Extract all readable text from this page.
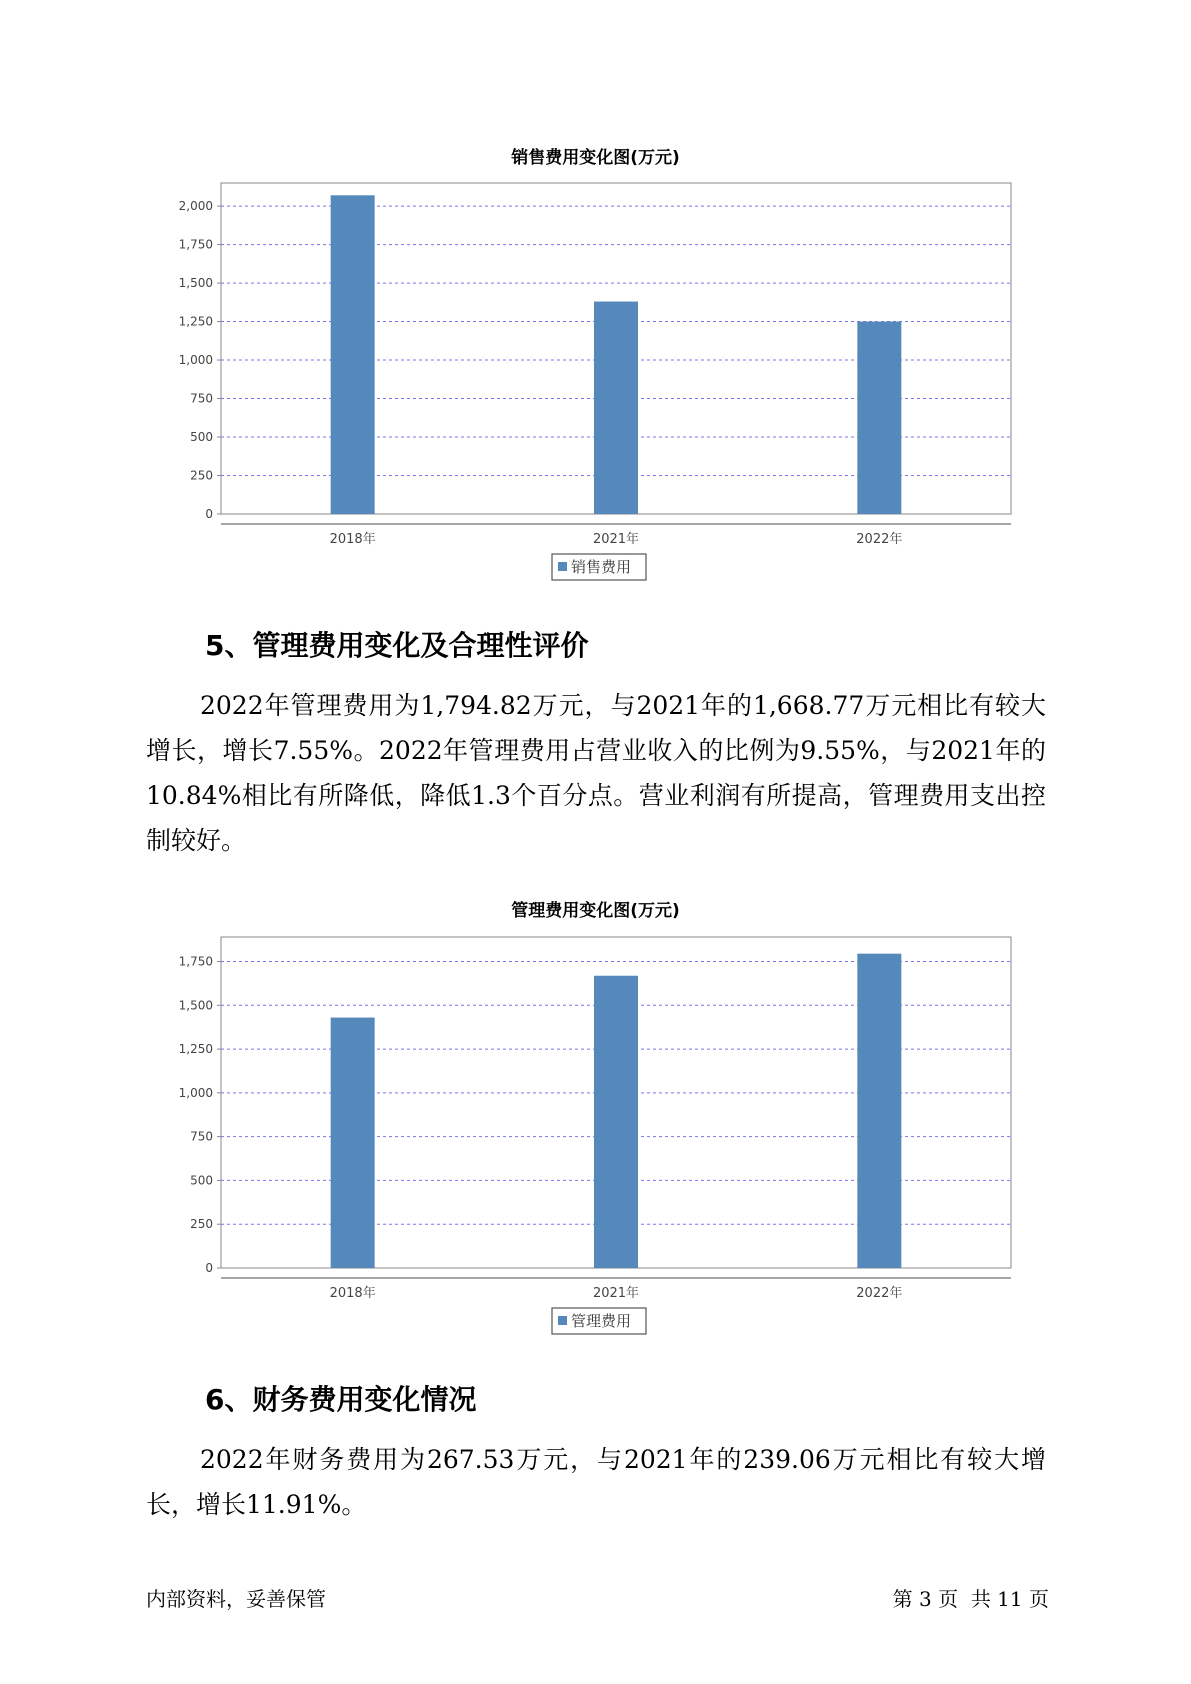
销售费用变化图(万元)
0
250
500
750
1,000
1,250
1,500
1,750
2,000
2018年	2021年	2022年
销售费用
5、管理费用变化及合理性评价
2022年管理费用为1,794.82万元，与2021年的1,668.77万元相比有较大增长，增长7.55%。2022年管理费用占营业收入的比例为9.55%，与2021年的10.84%相比有所降低，降低1.3个百分点。营业利润有所提高，管理费用支出控制较好。
管理费用变化图(万元)
0
250
500
750
1,000
1,250
1,500
1,750
2018年	2021年	2022年
管理费用
6、财务费用变化情况
2022年财务费用为267.53万元，与2021年的239.06万元相比有较大增长，增长11.91%。
内部资料，妥善保管	第 3 页  共 11 页
